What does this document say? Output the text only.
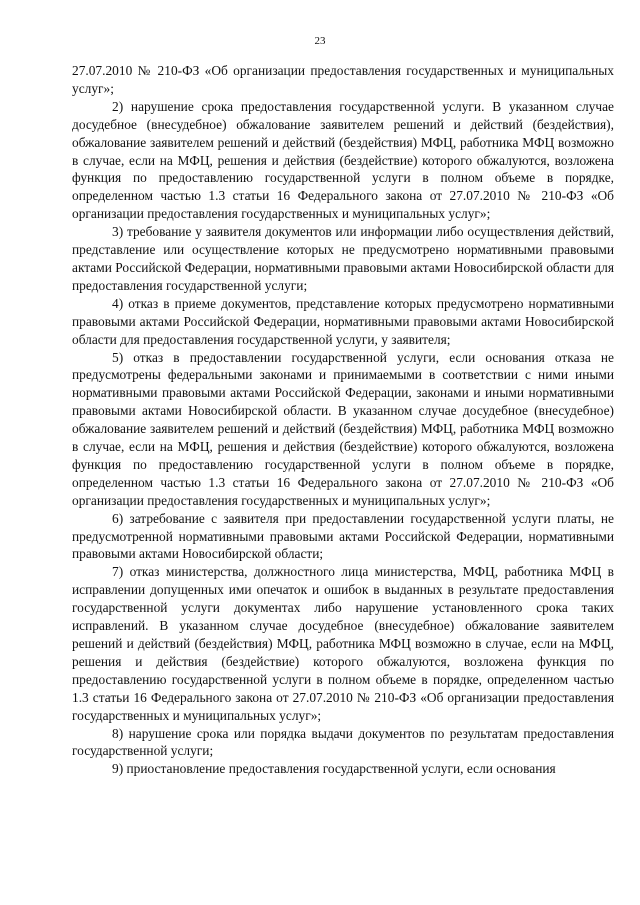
23

27.07.2010 № 210-ФЗ «Об организации предоставления государственных и муниципальных услуг»;

2) нарушение срока предоставления государственной услуги. В указанном случае досудебное (внесудебное) обжалование заявителем решений и действий (бездействия), обжалование заявителем решений и действий (бездействия) МФЦ, работника МФЦ возможно в случае, если на МФЦ, решения и действия (бездействие) которого обжалуются, возложена функция по предоставлению государственной услуги в полном объеме в порядке, определенном частью 1.3 статьи 16 Федерального закона от 27.07.2010 № 210-ФЗ «Об организации предоставления государственных и муниципальных услуг»;

3) требование у заявителя документов или информации либо осуществления действий, представление или осуществление которых не предусмотрено нормативными правовыми актами Российской Федерации, нормативными правовыми актами Новосибирской области для предоставления государственной услуги;

4) отказ в приеме документов, представление которых предусмотрено нормативными правовыми актами Российской Федерации, нормативными правовыми актами Новосибирской области для предоставления государственной услуги, у заявителя;

5) отказ в предоставлении государственной услуги, если основания отказа не предусмотрены федеральными законами и принимаемыми в соответствии с ними иными нормативными правовыми актами Российской Федерации, законами и иными нормативными правовыми актами Новосибирской области. В указанном случае досудебное (внесудебное) обжалование заявителем решений и действий (бездействия) МФЦ, работника МФЦ возможно в случае, если на МФЦ, решения и действия (бездействие) которого обжалуются, возложена функция по предоставлению государственной услуги в полном объеме в порядке, определенном частью 1.3 статьи 16 Федерального закона от 27.07.2010 № 210-ФЗ «Об организации предоставления государственных и муниципальных услуг»;

6) затребование с заявителя при предоставлении государственной услуги платы, не предусмотренной нормативными правовыми актами Российской Федерации, нормативными правовыми актами Новосибирской области;

7) отказ министерства, должностного лица министерства, МФЦ, работника МФЦ в исправлении допущенных ими опечаток и ошибок в выданных в результате предоставления государственной услуги документах либо нарушение установленного срока таких исправлений. В указанном случае досудебное (внесудебное) обжалование заявителем решений и действий (бездействия) МФЦ, работника МФЦ возможно в случае, если на МФЦ, решения и действия (бездействие) которого обжалуются, возложена функция по предоставлению государственной услуги в полном объеме в порядке, определенном частью 1.3 статьи 16 Федерального закона от 27.07.2010 № 210-ФЗ «Об организации предоставления государственных и муниципальных услуг»;

8) нарушение срока или порядка выдачи документов по результатам предоставления государственной услуги;

9) приостановление предоставления государственной услуги, если основания
